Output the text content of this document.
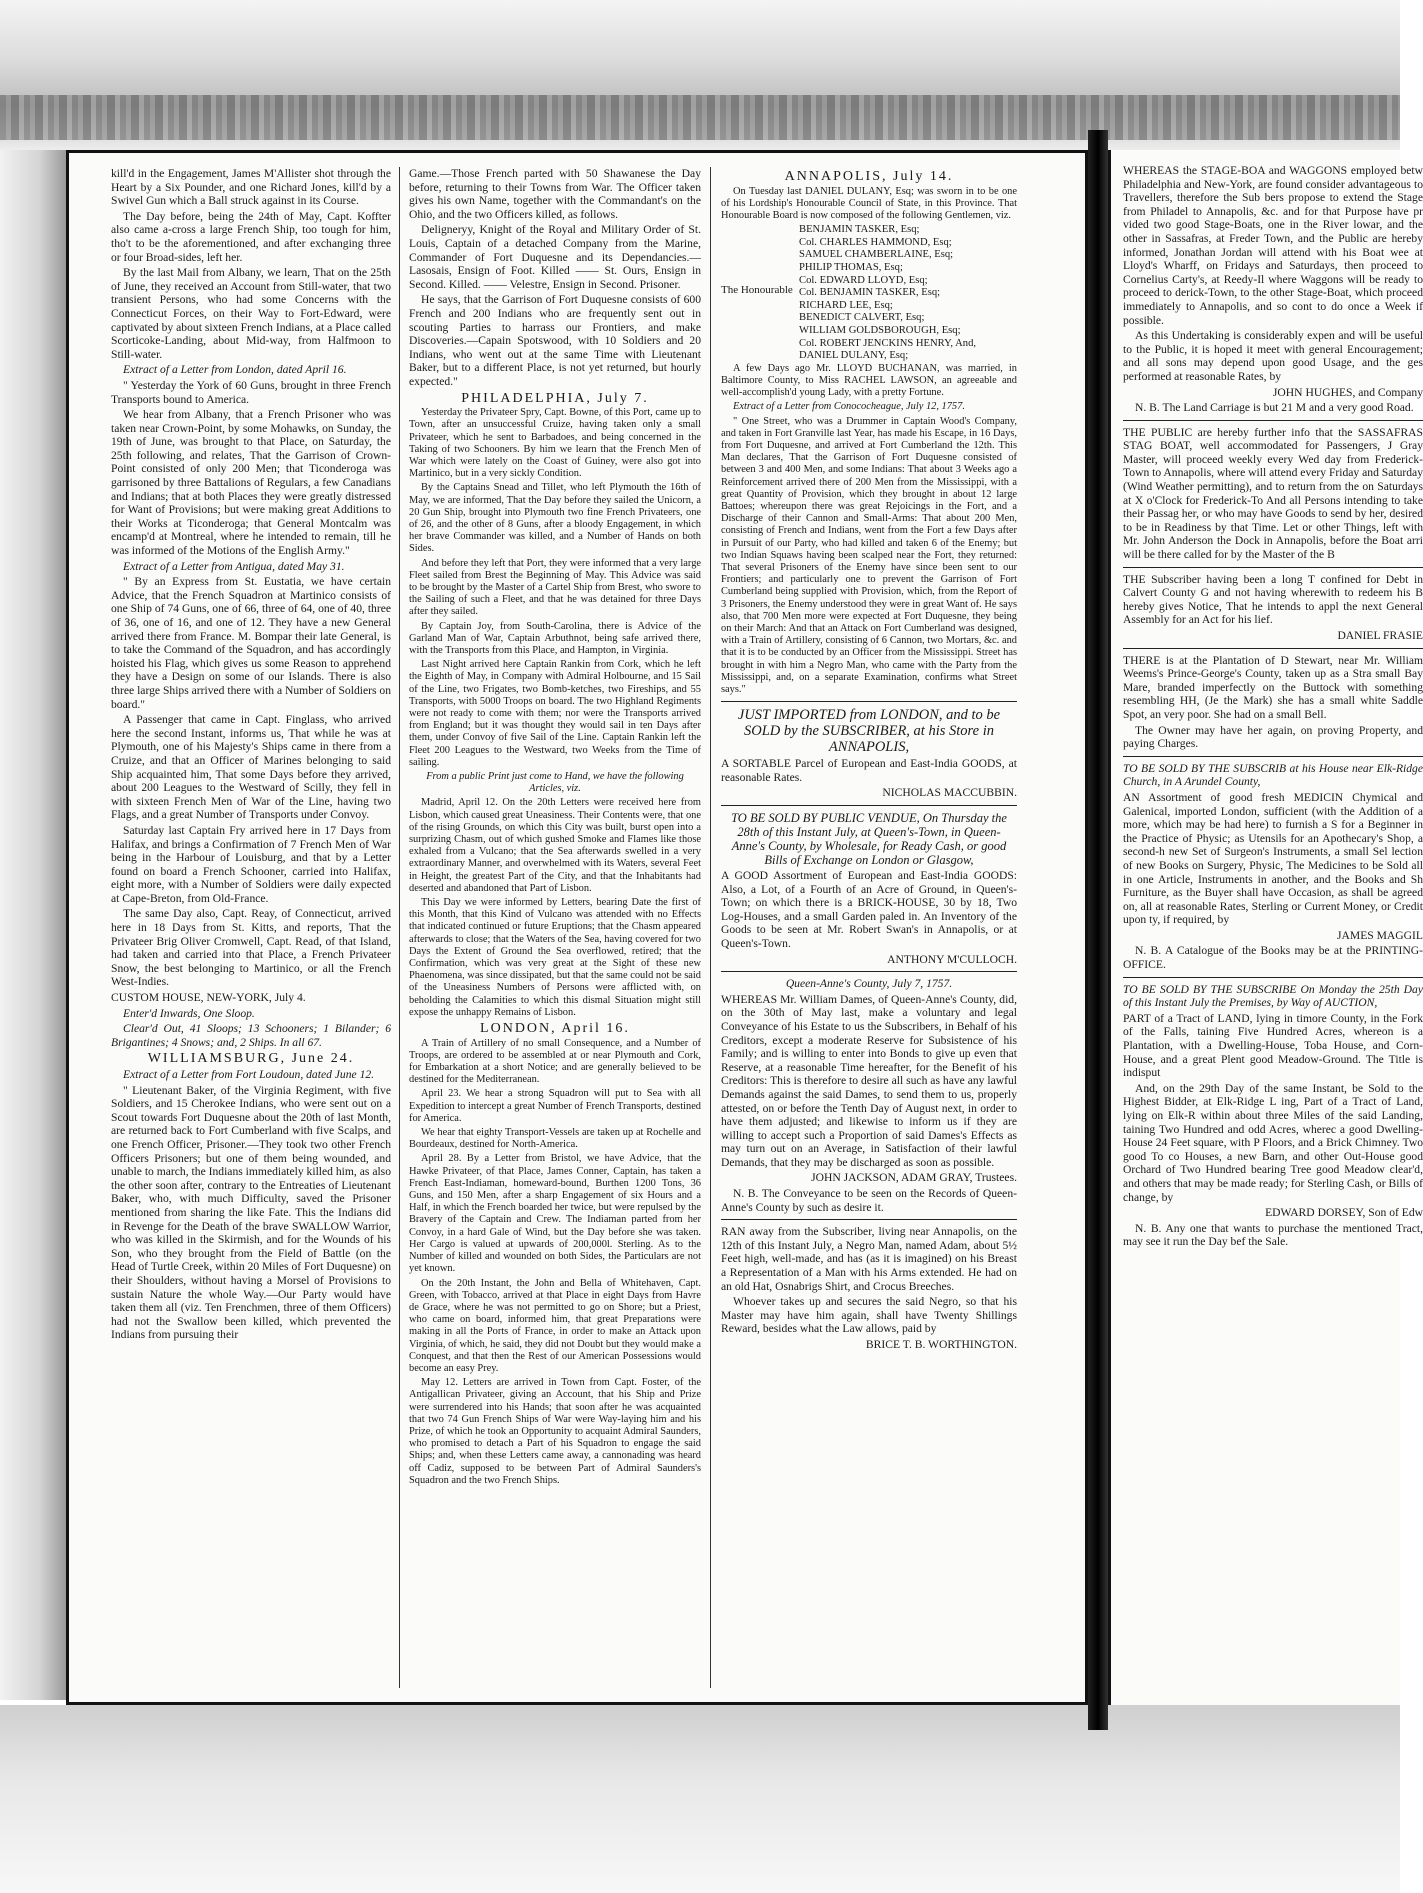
kill'd in the Engagement, James M'Allister shot through the Heart by a Six Pounder, and one Richard Jones, kill'd by a Swivel Gun which a Ball struck against in its Course.

The Day before, being the 24th of May, Capt. Koffter also came a-cross a large French Ship, too tough for him, tho't to be the aforementioned, and after exchanging three or four Broad-sides, left her.

By the last Mail from Albany, we learn, That on the 25th of June, they received an Account from Still-water, that two transient Persons, who had some Concerns with the Connecticut Forces, on their Way to Fort-Edward, were captivated by about sixteen French Indians, at a Place called Scorticoke-Landing, about Mid-way, from Halfmoon to Still-water.

Extract of a Letter from London, dated April 16.

" Yesterday the York of 60 Guns, brought in three French Transports bound to America.

We hear from Albany, that a French Prisoner who was taken near Crown-Point, by some Mohawks, on Sunday, the 19th of June, was brought to that Place, on Saturday, the 25th following, and relates, That the Garrison of Crown-Point consisted of only 200 Men; that Ticonderoga was garrisoned by three Battalions of Regulars, a few Canadians and Indians; that at both Places they were greatly distressed for Want of Provisions; but were making great Additions to their Works at Ticonderoga; that General Montcalm was encamp'd at Montreal, where he intended to remain, till he was informed of the Motions of the English Army."

Extract of a Letter from Antigua, dated May 31.

" By an Express from St. Eustatia, we have certain Advice, that the French Squadron at Martinico consists of one Ship of 74 Guns, one of 66, three of 64, one of 40, three of 36, one of 16, and one of 12. They have a new General arrived there from France. M. Bompar their late General, is to take the Command of the Squadron, and has accordingly hoisted his Flag, which gives us some Reason to apprehend they have a Design on some of our Islands. There is also three large Ships arrived there with a Number of Soldiers on board."

A Passenger that came in Capt. Finglass, who arrived here the second Instant, informs us, That while he was at Plymouth, one of his Majesty's Ships came in there from a Cruize, and that an Officer of Marines belonging to said Ship acquainted him, That some Days before they arrived, about 200 Leagues to the Westward of Scilly, they fell in with sixteen French Men of War of the Line, having two Flags, and a great Number of Transports under Convoy.

Saturday last Captain Fry arrived here in 17 Days from Halifax, and brings a Confirmation of 7 French Men of War being in the Harbour of Louisburg, and that by a Letter found on board a French Schooner, carried into Halifax, eight more, with a Number of Soldiers were daily expected at Cape-Breton, from Old-France.

The same Day also, Capt. Reay, of Connecticut, arrived here in 18 Days from St. Kitts, and reports, That the Privateer Brig Oliver Cromwell, Capt. Read, of that Island, had taken and carried into that Place, a French Privateer Snow, the best belonging to Martinico, or all the French West-Indies.

CUSTOM HOUSE, NEW-YORK, July 4.

Enter'd Inwards, One Sloop.

Clear'd Out, 41 Sloops; 13 Schooners; 1 Bilander; 6 Brigantines; 4 Snows; and, 2 Ships. In all 67.

WILLIAMSBURG, June 24.

Extract of a Letter from Fort Loudoun, dated June 12.

" Lieutenant Baker, of the Virginia Regiment, with five Soldiers, and 15 Cherokee Indians, who were sent out on a Scout towards Fort Duquesne about the 20th of last Month, are returned back to Fort Cumberland with five Scalps, and one French Officer, Prisoner.—They took two other French Officers Prisoners; but one of them being wounded, and unable to march, the Indians immediately killed him, as also the other soon after, contrary to the Entreaties of Lieutenant Baker, who, with much Difficulty, saved the Prisoner mentioned from sharing the like Fate. This the Indians did in Revenge for the Death of the brave SWALLOW Warrior, who was killed in the Skirmish, and for the Wounds of his Son, who they brought from the Field of Battle (on the Head of Turtle Creek, within 20 Miles of Fort Duquesne) on their Shoulders, without having a Morsel of Provisions to sustain Nature the whole Way.—Our Party would have taken them all (viz. Ten Frenchmen, three of them Officers) had not the Swallow been killed, which prevented the Indians from pursuing their

Game.—Those French parted with 50 Shawanese the Day before, returning to their Towns from War. The Officer taken gives his own Name, together with the Commandant's on the Ohio, and the two Officers killed, as follows.

Deligneryy, Knight of the Royal and Military Order of St. Louis, Captain of a detached Company from the Marine, Commander of Fort Duquesne and its Dependancies.—Lasosais, Ensign of Foot. Killed —— St. Ours, Ensign in Second. Killed. —— Velestre, Ensign in Second. Prisoner.

He says, that the Garrison of Fort Duquesne consists of 600 French and 200 Indians who are frequently sent out in scouting Parties to harrass our Frontiers, and make Discoveries.—Capain Spotswood, with 10 Soldiers and 20 Indians, who went out at the same Time with Lieutenant Baker, but to a different Place, is not yet returned, but hourly expected."

PHILADELPHIA, July 7.

Yesterday the Privateer Spry, Capt. Bowne, of this Port, came up to Town, after an unsuccessful Cruize, having taken only a small Privateer, which he sent to Barbadoes, and being concerned in the Taking of two Schooners. By him we learn that the French Men of War which were lately on the Coast of Guiney, were also got into Martinico, but in a very sickly Condition.

By the Captains Snead and Tillet, who left Plymouth the 16th of May, we are informed, That the Day before they sailed the Unicorn, a 20 Gun Ship, brought into Plymouth two fine French Privateers, one of 26, and the other of 8 Guns, after a bloody Engagement, in which her brave Commander was killed, and a Number of Hands on both Sides.

And before they left that Port, they were informed that a very large Fleet sailed from Brest the Beginning of May. This Advice was said to be brought by the Master of a Cartel Ship from Brest, who swore to the Sailing of such a Fleet, and that he was detained for three Days after they sailed.

By Captain Joy, from South-Carolina, there is Advice of the Garland Man of War, Captain Arbuthnot, being safe arrived there, with the Transports from this Place, and Hampton, in Virginia.

Last Night arrived here Captain Rankin from Cork, which he left the Eighth of May, in Company with Admiral Holbourne, and 15 Sail of the Line, two Frigates, two Bomb-ketches, two Fireships, and 55 Transports, with 5000 Troops on board. The two Highland Regiments were not ready to come with them; nor were the Transports arrived from England; but it was thought they would sail in ten Days after them, under Convoy of five Sail of the Line. Captain Rankin left the Fleet 200 Leagues to the Westward, two Weeks from the Time of sailing.

From a public Print just come to Hand, we have the following Articles, viz.

Madrid, April 12. On the 20th Letters were received here from Lisbon, which caused great Uneasiness. Their Contents were, that one of the rising Grounds, on which this City was built, burst open into a surprizing Chasm, out of which gushed Smoke and Flames like those exhaled from a Vulcano; that the Sea afterwards swelled in a very extraordinary Manner, and overwhelmed with its Waters, several Feet in Height, the greatest Part of the City, and that the Inhabitants had deserted and abandoned that Part of Lisbon.

This Day we were informed by Letters, bearing Date the first of this Month, that this Kind of Vulcano was attended with no Effects that indicated continued or future Eruptions; that the Chasm appeared afterwards to close; that the Waters of the Sea, having covered for two Days the Extent of Ground the Sea overflowed, retired; that the Confirmation, which was very great at the Sight of these new Phaenomena, was since dissipated, but that the same could not be said of the Uneasiness Numbers of Persons were afflicted with, on beholding the Calamities to which this dismal Situation might still expose the unhappy Remains of Lisbon.

LONDON, April 16.

A Train of Artillery of no small Consequence, and a Number of Troops, are ordered to be assembled at or near Plymouth and Cork, for Embarkation at a short Notice; and are generally believed to be destined for the Mediterranean.

April 23. We hear a strong Squadron will put to Sea with all Expedition to intercept a great Number of French Transports, destined for America.

We hear that eighty Transport-Vessels are taken up at Rochelle and Bourdeaux, destined for North-America.

April 28. By a Letter from Bristol, we have Advice, that the Hawke Privateer, of that Place, James Conner, Captain, has taken a French East-Indiaman, homeward-bound, Burthen 1200 Tons, 36 Guns, and 150 Men, after a sharp Engagement of six Hours and a Half, in which the French boarded her twice, but were repulsed by the Bravery of the Captain and Crew. The Indiaman parted from her Convoy, in a hard Gale of Wind, but the Day before she was taken. Her Cargo is valued at upwards of 200,000l. Sterling. As to the Number of killed and wounded on both Sides, the Particulars are not yet known.

On the 20th Instant, the John and Bella of Whitehaven, Capt. Green, with Tobacco, arrived at that Place in eight Days from Havre de Grace, where he was not permitted to go on Shore; but a Priest, who came on board, informed him, that great Preparations were making in all the Ports of France, in order to make an Attack upon Virginia, of which, he said, they did not Doubt but they would make a Conquest, and that then the Rest of our American Possessions would become an easy Prey.

May 12. Letters are arrived in Town from Capt. Foster, of the Antigallican Privateer, giving an Account, that his Ship and Prize were surrendered into his Hands; that soon after he was acquainted that two 74 Gun French Ships of War were Way-laying him and his Prize, of which he took an Opportunity to acquaint Admiral Saunders, who promised to detach a Part of his Squadron to engage the said Ships; and, when these Letters came away, a cannonading was heard off Cadiz, supposed to be between Part of Admiral Saunders's Squadron and the two French Ships.

ANNAPOLIS, July 14.

On Tuesday last DANIEL DULANY, Esq; was sworn in to be one of his Lordship's Honourable Council of State, in this Province. That Honourable Board is now composed of the following Gentlemen, viz.

The Honourable
BENJAMIN TASKER, Esq;
Col. CHARLES HAMMOND, Esq;
SAMUEL CHAMBERLAINE, Esq;
PHILIP THOMAS, Esq;
Col. EDWARD LLOYD, Esq;
Col. BENJAMIN TASKER, Esq;
RICHARD LEE, Esq;
BENEDICT CALVERT, Esq;
WILLIAM GOLDSBOROUGH, Esq;
Col. ROBERT JENCKINS HENRY, And,
DANIEL DULANY, Esq;

A few Days ago Mr. LLOYD BUCHANAN, was married, in Baltimore County, to Miss RACHEL LAWSON, an agreeable and well-accomplish'd young Lady, with a pretty Fortune.

Extract of a Letter from Conococheague, July 12, 1757.

" One Street, who was a Drummer in Captain Wood's Company, and taken in Fort Granville last Year, has made his Escape, in 16 Days, from Fort Duquesne, and arrived at Fort Cumberland the 12th. This Man declares, That the Garrison of Fort Duquesne consisted of between 3 and 400 Men, and some Indians: That about 3 Weeks ago a Reinforcement arrived there of 200 Men from the Mississippi, with a great Quantity of Provision, which they brought in about 12 large Battoes; whereupon there was great Rejoicings in the Fort, and a Discharge of their Cannon and Small-Arms: That about 200 Men, consisting of French and Indians, went from the Fort a few Days after in Pursuit of our Party, who had killed and taken 6 of the Enemy; but two Indian Squaws having been scalped near the Fort, they returned: That several Prisoners of the Enemy have since been sent to our Frontiers; and particularly one to prevent the Garrison of Fort Cumberland being supplied with Provision, which, from the Report of 3 Prisoners, the Enemy understood they were in great Want of. He says also, that 700 Men more were expected at Fort Duquesne, they being on their March: And that an Attack on Fort Cumberland was designed, with a Train of Artillery, consisting of 6 Cannon, two Mortars, &c. and that it is to be conducted by an Officer from the Mississippi. Street has brought in with him a Negro Man, who came with the Party from the Mississippi, and, on a separate Examination, confirms what Street says."

JUST IMPORTED from LONDON, and to be SOLD by the SUBSCRIBER, at his Store in ANNAPOLIS,

A SORTABLE Parcel of European and East-India GOODS, at reasonable Rates.

NICHOLAS MACCUBBIN.

TO BE SOLD BY PUBLIC VENDUE, On Thursday the 28th of this Instant July, at Queen's-Town, in Queen-Anne's County, by Wholesale, for Ready Cash, or good Bills of Exchange on London or Glasgow,

A GOOD Assortment of European and East-India GOODS: Also, a Lot, of a Fourth of an Acre of Ground, in Queen's-Town; on which there is a BRICK-HOUSE, 30 by 18, Two Log-Houses, and a small Garden paled in. An Inventory of the Goods to be seen at Mr. Robert Swan's in Annapolis, or at Queen's-Town.

ANTHONY M'CULLOCH.

Queen-Anne's County, July 7, 1757.

WHEREAS Mr. William Dames, of Queen-Anne's County, did, on the 30th of May last, make a voluntary and legal Conveyance of his Estate to us the Subscribers, in Behalf of his Creditors, except a moderate Reserve for Subsistence of his Family; and is willing to enter into Bonds to give up even that Reserve, at a reasonable Time hereafter, for the Benefit of his Creditors: This is therefore to desire all such as have any lawful Demands against the said Dames, to send them to us, properly attested, on or before the Tenth Day of August next, in order to have them adjusted; and likewise to inform us if they are willing to accept such a Proportion of said Dames's Effects as may turn out on an Average, in Satisfaction of their lawful Demands, that they may be discharged as soon as possible.

JOHN JACKSON, ADAM GRAY, Trustees.

N. B. The Conveyance to be seen on the Records of Queen-Anne's County by such as desire it.

RAN away from the Subscriber, living near Annapolis, on the 12th of this Instant July, a Negro Man, named Adam, about 5½ Feet high, well-made, and has (as it is imagined) on his Breast a Representation of a Man with his Arms extended. He had on an old Hat, Osnabrigs Shirt, and Crocus Breeches.

Whoever takes up and secures the said Negro, so that his Master may have him again, shall have Twenty Shillings Reward, besides what the Law allows, paid by

BRICE T. B. WORTHINGTON.

WHEREAS the STAGE-BOA and WAGGONS employed betw Philadelphia and New-York, are found consider advantageous to Travellers, therefore the Sub bers propose to extend the Stage from Philadel to Annapolis, &c. and for that Purpose have pr vided two good Stage-Boats, one in the River lowar, and the other in Sassafras, at Freder Town, and the Public are hereby informed, Jonathan Jordan will attend with his Boat wee at Lloyd's Wharff, on Fridays and Saturdays, then proceed to Cornelius Carty's, at Reedy-Il where Waggons will be ready to proceed to derick-Town, to the other Stage-Boat, which proceed immediately to Annapolis, and so cont to do once a Week if possible.

As this Undertaking is considerably expen and will be useful to the Public, it is hoped it meet with general Encouragement; and all sons may depend upon good Usage, and the ges performed at reasonable Rates, by

JOHN HUGHES, and Company

N. B. The Land Carriage is but 21 M and a very good Road.

THE PUBLIC are hereby further info that the SASSAFRAS STAG BOAT, well accommodated for Passengers, J Gray Master, will proceed weekly every Wed day from Frederick-Town to Annapolis, where will attend every Friday and Saturday (Wind Weather permitting), and to return from the on Saturdays at X o'Clock for Frederick-To And all Persons intending to take their Passag her, or who may have Goods to send by her, desired to be in Readiness by that Time. Let or other Things, left with Mr. John Anderson the Dock in Annapolis, before the Boat arri will be there called for by the Master of the B

THE Subscriber having been a long T confined for Debt in Calvert County G and not having wherewith to redeem his B hereby gives Notice, That he intends to appl the next General Assembly for an Act for his lief.

DANIEL FRASIE

THERE is at the Plantation of D Stewart, near Mr. William Weems's Prince-George's County, taken up as a Stra small Bay Mare, branded imperfectly on the Buttock with something resembling HH, (Je the Mark) she has a small white Saddle Spot, an very poor. She had on a small Bell.

The Owner may have her again, on proving Property, and paying Charges.

TO BE SOLD BY THE SUBSCRIB at his House near Elk-Ridge Church, in A Arundel County,

AN Assortment of good fresh MEDICIN Chymical and Galenical, imported London, sufficient (with the Addition of a more, which may be had here) to furnish a S for a Beginner in the Practice of Physic; as Utensils for an Apothecary's Shop, a second-h new Set of Surgeon's Instruments, a small Sel lection of new Books on Surgery, Physic, The Medicines to be Sold all in one Article, Instruments in another, and the Books and Sh Furniture, as the Buyer shall have Occasion, as shall be agreed on, all at reasonable Rates, Sterling or Current Money, or Credit upon ty, if required, by

JAMES MAGGIL

N. B. A Catalogue of the Books may be at the PRINTING-OFFICE.

TO BE SOLD BY THE SUBSCRIBE On Monday the 25th Day of this Instant July the Premises, by Way of AUCTION,

PART of a Tract of LAND, lying in timore County, in the Fork of the Falls, taining Five Hundred Acres, whereon is a Plantation, with a Dwelling-House, Toba House, and Corn-House, and a great Plent good Meadow-Ground. The Title is indisput

And, on the 29th Day of the same Instant, be Sold to the Highest Bidder, at Elk-Ridge L ing, Part of a Tract of Land, lying on Elk-R within about three Miles of the said Landing, taining Two Hundred and odd Acres, wherec a good Dwelling-House 24 Feet square, with P Floors, and a Brick Chimney. Two good To co Houses, a new Barn, and other Out-House good Orchard of Two Hundred bearing Tree good Meadow clear'd, and others that may be made ready; for Sterling Cash, or Bills of change, by

EDWARD DORSEY, Son of Edw

N. B. Any one that wants to purchase the mentioned Tract, may see it run the Day bef the Sale.
